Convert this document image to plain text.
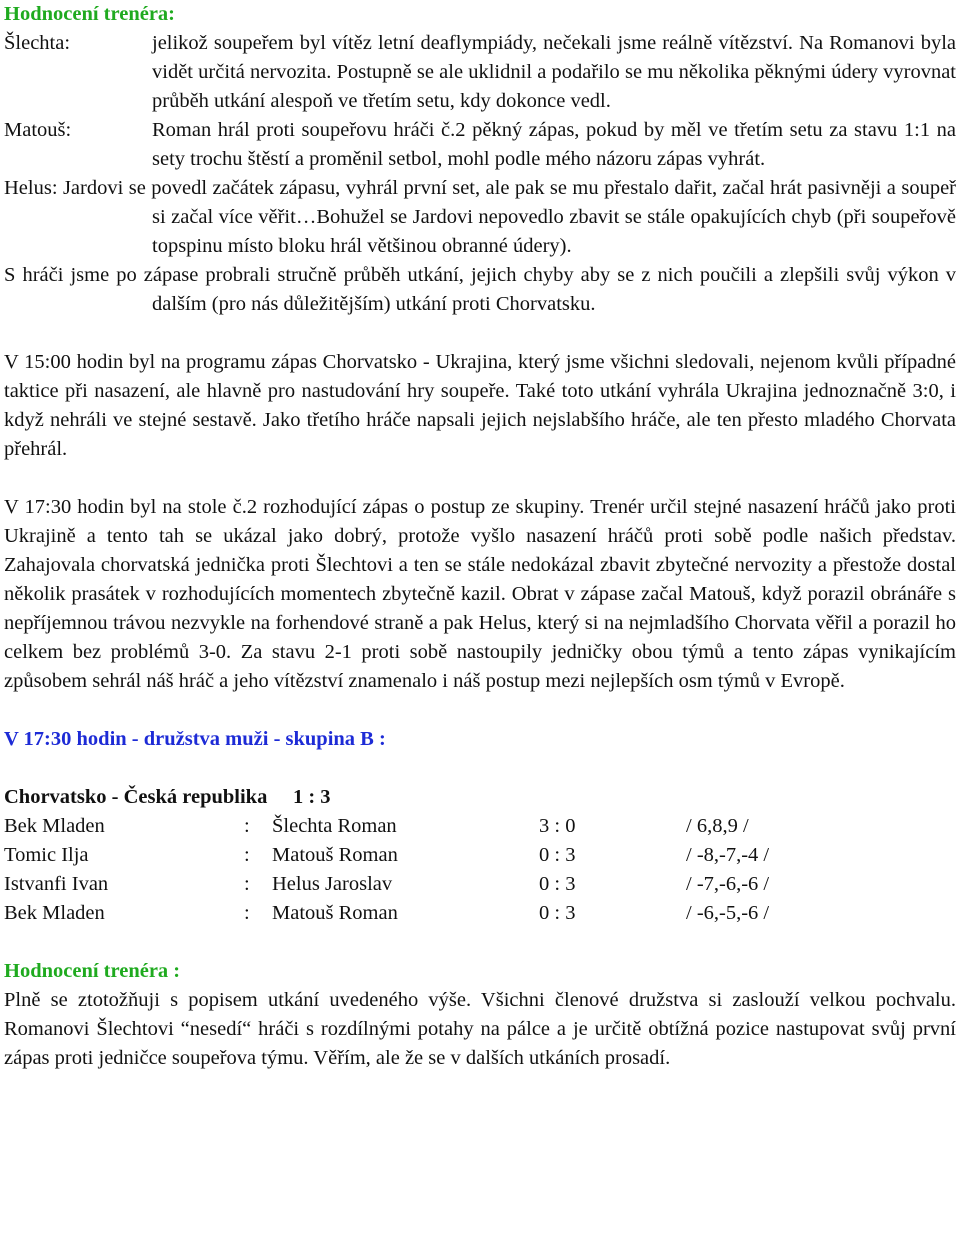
Hodnocení trenéra:
Šlechta:	jelikož soupeřem byl vítěz letní deaflympiády, nečekali jsme reálně vítězství. Na Romanovi byla vidět určitá nervozita. Postupně se ale uklidnil a podařilo se mu několika pěknými údery vyrovnat průběh utkání alespoň ve třetím setu, kdy dokonce vedl.
Matouš:	Roman hrál proti soupeřovu hráči č.2 pěkný zápas, pokud by měl ve třetím setu za stavu 1:1 na sety trochu štěstí a proměnil setbol, mohl podle mého názoru zápas vyhrát.

Helus: Jardovi se povedl začátek zápasu, vyhrál první set, ale pak se mu přestalo dařit, začal hrát pasivněji a soupeř si začal více věřit…Bohužel se Jardovi nepovedlo zbavit se stále opakujících chyb (při soupeřově topspinu místo bloku hrál většinou obranné údery).

S hráči jsme po zápase probrali stručně průběh utkání, jejich chyby aby se z nich poučili a zlepšili svůj výkon v dalším (pro nás důležitějším) utkání proti Chorvatsku.

V 15:00 hodin byl na programu zápas Chorvatsko - Ukrajina, který jsme všichni sledovali, nejenom kvůli případné taktice při nasazení, ale hlavně pro nastudování hry soupeře. Také toto utkání vyhrála Ukrajina jednoznačně 3:0, i když nehráli ve stejné sestavě. Jako třetího hráče napsali jejich nejslabšího hráče, ale ten přesto mladého Chorvata přehrál.

V 17:30 hodin byl na stole č.2 rozhodující zápas o postup ze skupiny. Trenér určil stejné nasazení hráčů jako proti Ukrajině a tento tah se ukázal jako dobrý, protože vyšlo nasazení hráčů proti sobě podle našich představ. Zahajovala chorvatská jednička proti Šlechtovi a ten se stále nedokázal zbavit zbytečné nervozity a přestože dostal několik prasátek v rozhodujících momentech zbytečně kazil. Obrat v zápase začal Matouš, když porazil obránáře s nepříjemnou trávou nezvykle na forhendové straně a pak Helus, který si na nejmladšího Chorvata věřil a porazil ho celkem bez problémů 3-0. Za stavu 2-1 proti sobě nastoupily jedničky obou týmů a tento zápas vynikajícím způsobem sehrál náš hráč a jeho vítězství znamenalo i náš postup mezi nejlepších osm týmů v Evropě.

V 17:30 hodin - družstva muži - skupina B :
Chorvatsko - Česká republika     1 : 3
Bek Mladen	:	Šlechta Roman	3 : 0	/ 6,8,9 /
Tomic Ilja	:	Matouš Roman	0 : 3	/ -8,-7,-4 /
Istvanfi Ivan	:	Helus Jaroslav	0 : 3	/ -7,-6,-6 /
Bek Mladen	:	Matouš Roman	0 : 3	/ -6,-5,-6 /
Hodnocení trenéra :

Plně se ztotožňuji s popisem utkání uvedeného výše. Všichni členové družstva si zaslouží velkou pochvalu. Romanovi Šlechtovi “nesedí“ hráči s rozdílnými potahy na pálce a je určitě obtížná pozice nastupovat svůj první zápas proti jedničce soupeřova týmu. Věřím, ale že se v dalších utkáních prosadí.
